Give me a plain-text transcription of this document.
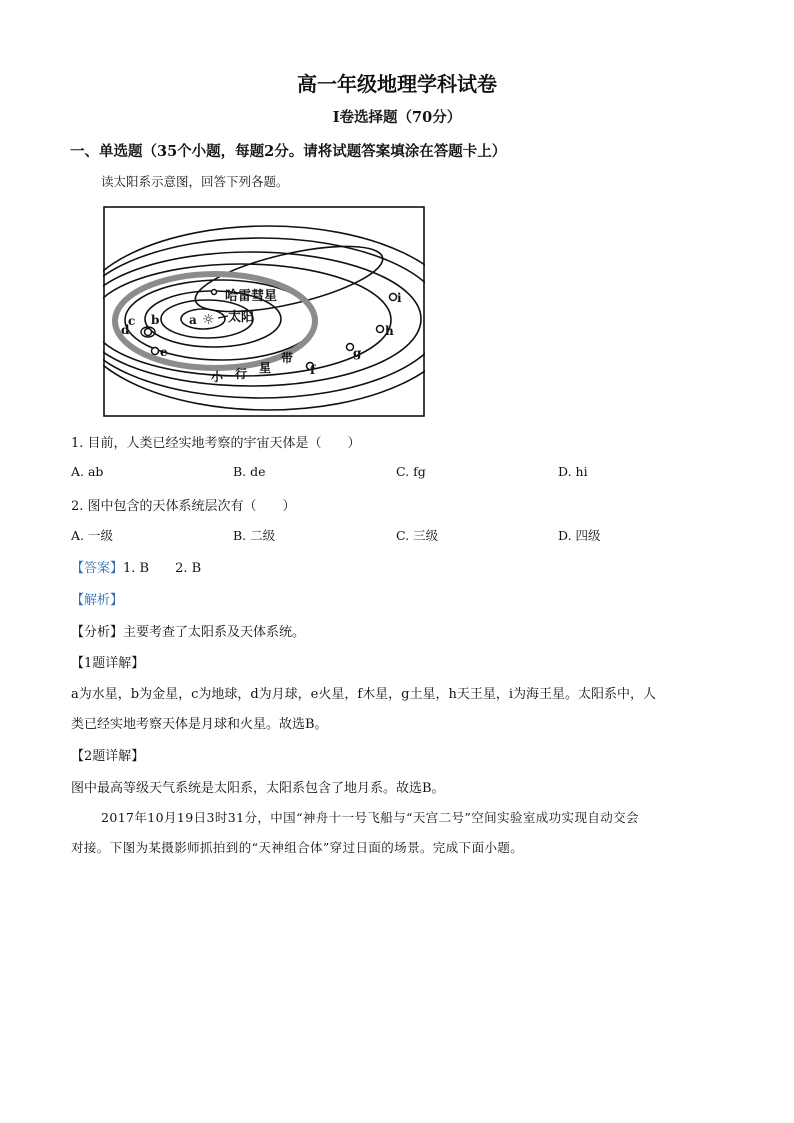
高一年级地理学科试卷
I卷选择题（70分）
一、单选题（35个小题，每题2分。请将试题答案填涂在答题卡上）
读太阳系示意图，回答下列各题。
哈雷彗星
太阳
☼
a
b
c
d
e
f
g
h
i
小 行 星
带
1. 目前，人类已经实地考察的宇宙天体是（　　）
A. ab	B. de	C. fg	D. hi
2. 图中包含的天体系统层次有（　　）
A. 一级	B. 二级	C. 三级	D. 四级
【答案】1. B　　2. B
【解析】
【分析】主要考查了太阳系及天体系统。
【1题详解】
a为水星，b为金星，c为地球，d为月球，e火星，f木星，g土星，h天王星，i为海王星。太阳系中，人
类已经实地考察天体是月球和火星。故选B。
【2题详解】
图中最高等级天气系统是太阳系，太阳系包含了地月系。故选B。
2017年10月19日3时31分，中国“神舟十一号飞船与“天宫二号”空间实验室成功实现自动交会
对接。下图为某摄影师抓拍到的“天神组合体”穿过日面的场景。完成下面小题。
